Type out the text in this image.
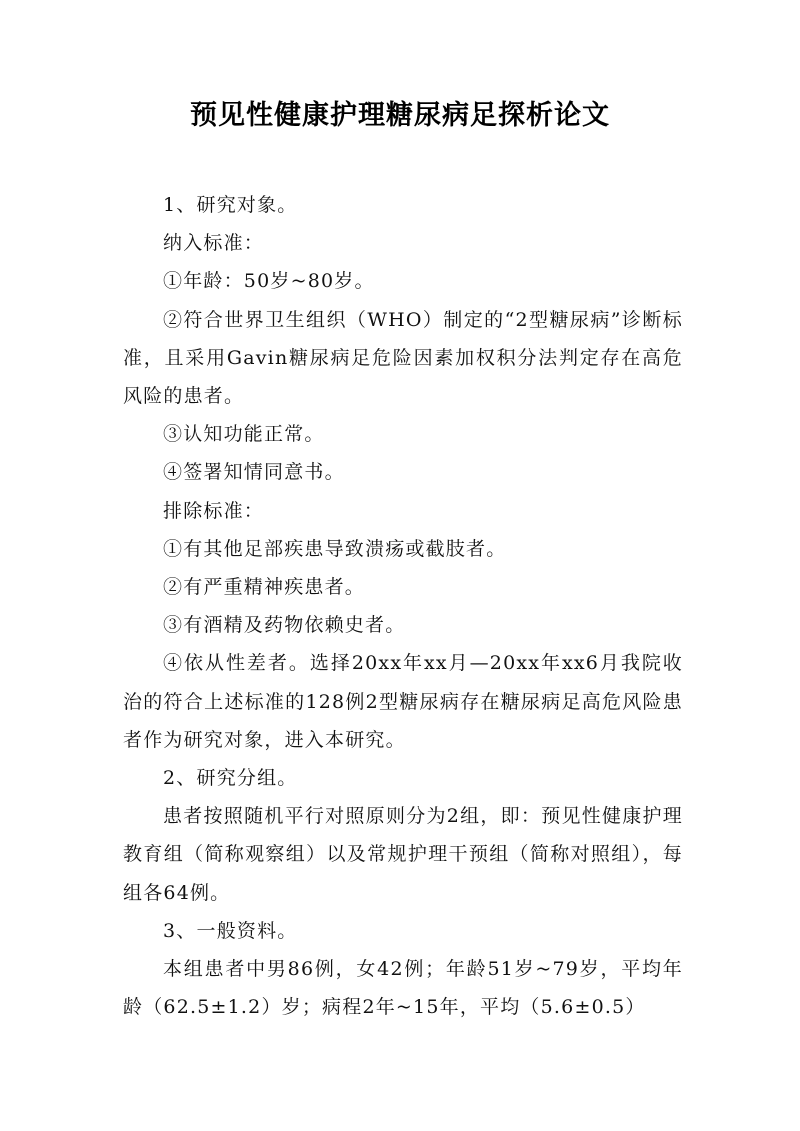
预见性健康护理糖尿病足探析论文

1、研究对象。

纳入标准：

①年龄：50岁~80岁。

②符合世界卫生组织（WHO）制定的“2型糖尿病”诊断标准，且采用Gavin糖尿病足危险因素加权积分法判定存在高危风险的患者。

③认知功能正常。

④签署知情同意书。

排除标准：

①有其他足部疾患导致溃疡或截肢者。

②有严重精神疾患者。

③有酒精及药物依赖史者。

④依从性差者。选择20xx年xx月—20xx年xx6月我院收治的符合上述标准的128例2型糖尿病存在糖尿病足高危风险患者作为研究对象，进入本研究。

2、研究分组。

患者按照随机平行对照原则分为2组，即：预见性健康护理教育组（简称观察组）以及常规护理干预组（简称对照组），每组各64例。

3、一般资料。

本组患者中男86例，女42例；年龄51岁~79岁，平均年龄（62.5±1.2）岁；病程2年~15年，平均（5.6±0.5）
